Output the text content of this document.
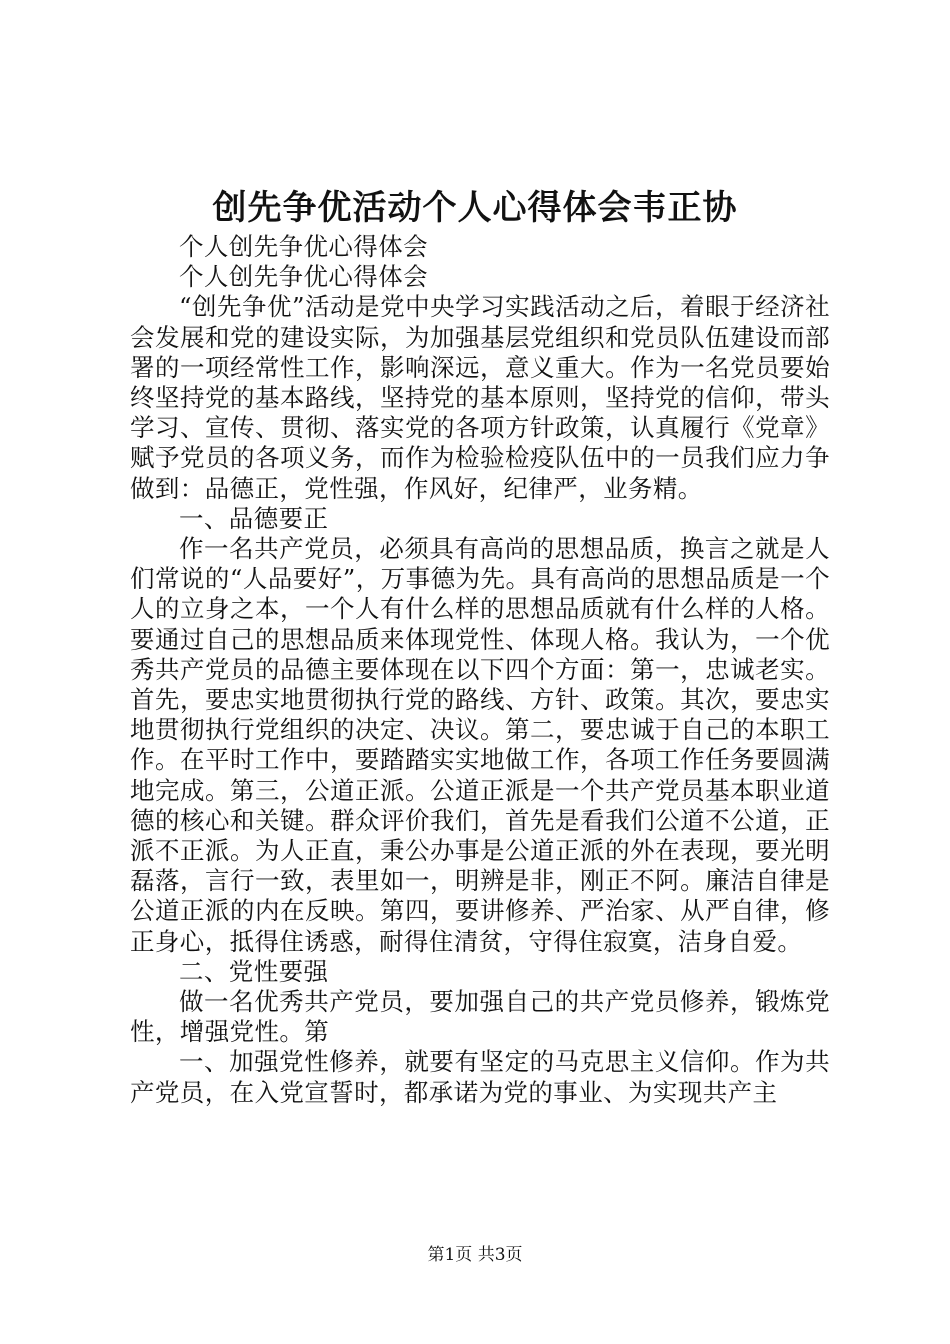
创先争优活动个人心得体会韦正协

个人创先争优心得体会

个人创先争优心得体会

“创先争优”活动是党中央学习实践活动之后，着眼于经济社会发展和党的建设实际，为加强基层党组织和党员队伍建设而部署的一项经常性工作，影响深远，意义重大。作为一名党员要始终坚持党的基本路线，坚持党的基本原则，坚持党的信仰，带头学习、宣传、贯彻、落实党的各项方针政策，认真履行《党章》赋予党员的各项义务，而作为检验检疫队伍中的一员我们应力争做到：品德正，党性强，作风好，纪律严，业务精。

一、品德要正

作一名共产党员，必须具有高尚的思想品质，换言之就是人们常说的“人品要好”，万事德为先。具有高尚的思想品质是一个人的立身之本，一个人有什么样的思想品质就有什么样的人格。要通过自己的思想品质来体现党性、体现人格。我认为，一个优秀共产党员的品德主要体现在以下四个方面：第一，忠诚老实。首先，要忠实地贯彻执行党的路线、方针、政策。其次，要忠实地贯彻执行党组织的决定、决议。第二，要忠诚于自己的本职工作。在平时工作中，要踏踏实实地做工作，各项工作任务要圆满地完成。第三，公道正派。公道正派是一个共产党员基本职业道德的核心和关键。群众评价我们，首先是看我们公道不公道，正派不正派。为人正直，秉公办事是公道正派的外在表现，要光明磊落，言行一致，表里如一，明辨是非，刚正不阿。廉洁自律是公道正派的内在反映。第四，要讲修养、严治家、从严自律，修正身心，抵得住诱惑，耐得住清贫，守得住寂寞，洁身自爱。

二、党性要强

做一名优秀共产党员，要加强自己的共产党员修养，锻炼党性，增强党性。第

一、加强党性修养，就要有坚定的马克思主义信仰。作为共产党员，在入党宣誓时，都承诺为党的事业、为实现共产主

第1页 共3页
